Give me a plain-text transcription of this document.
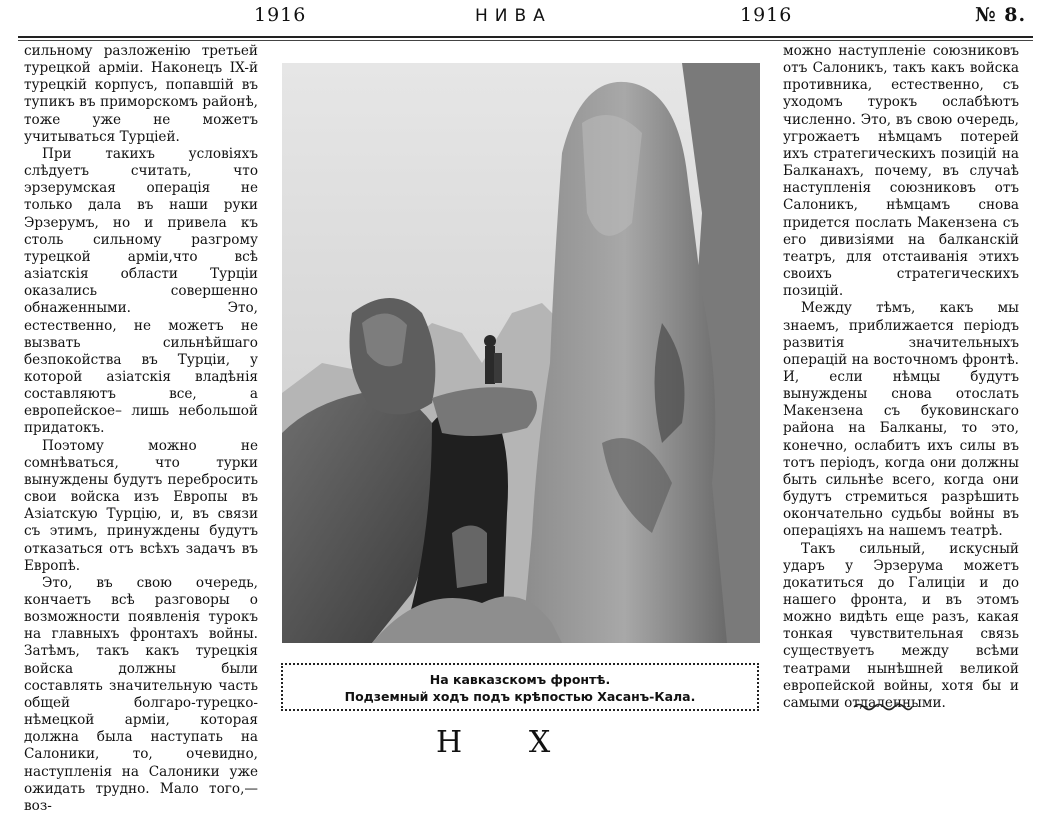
1916	НИВА	1916	№ 8.

сильному разложенію третьей турецкой арміи. Наконецъ IX-й турецкій корпусъ, попавшій въ тупикъ въ приморскомъ районѣ, тоже уже не можетъ учитываться Турціей.

При такихъ условіяхъ слѣдуетъ считать, что эрзерумская операція не только дала въ наши руки Эрзерумъ, но и привела къ столь сильному разгрому турецкой арміи,что всѣ азіатскія области Турціи оказались совершенно обнаженными. Это, естественно, не можетъ не вызвать сильнѣйшаго безпокойства въ Турціи, у которой азіатскія владѣнія составляютъ все, а европейское– лишь небольшой придатокъ.

Поэтому можно не сомнѣваться, что турки вынуждены будутъ перебросить свои войска изъ Европы въ Азіатскую Турцію, и, въ связи съ этимъ, принуждены будутъ отказаться отъ всѣхъ задачъ въ Европѣ.

Это, въ свою очередь, кончаетъ всѣ разговоры о возможности появленія турокъ на главныхъ фронтахъ войны. Затѣмъ, такъ какъ турецкія войска должны были составлять значительную часть общей болгаро-турецко-нѣмецкой арміи, которая должна была наступать на Салоники, то, очевидно, наступленія на Салоники уже ожидать трудно. Мало того,—воз-

На кавказскомъ фронтѣ.
Подземный ходъ подъ крѣпостью Хасанъ-Кала.

можно наступленіе союзниковъ отъ Салоникъ, такъ какъ войска противника, естественно, съ уходомъ турокъ ослабѣютъ численно. Это, въ свою очередь, угрожаетъ нѣмцамъ потерей ихъ стратегическихъ позицій на Балканахъ, почему, въ случаѣ наступленія союзниковъ отъ Салоникъ, нѣмцамъ снова придется послать Макензена съ его дивизіями на балканскій театръ, для отстаиванія этихъ своихъ стратегическихъ позицій.

Между тѣмъ, какъ мы знаемъ, приближается періодъ развитія значительныхъ операцій на восточномъ фронтѣ. И, если нѣмцы будутъ вынуждены снова отослать Макензена съ буковинскаго района на Балканы, то это, конечно, ослабитъ ихъ силы въ тотъ періодъ, когда они должны быть сильнѣе всего, когда они будутъ стремиться разрѣшить окончательно судьбы войны въ операціяхъ на нашемъ театрѣ.

Такъ сильный, искусный ударъ у Эрзерума можетъ докатиться до Галиціи и до нашего фронта, и въ этомъ можно видѣть еще разъ, какая тонкая чувствительная связь существуетъ между всѣми театрами нынѣшней великой европейской войны, хотя бы и самыми отдаленными.

Н       Х
